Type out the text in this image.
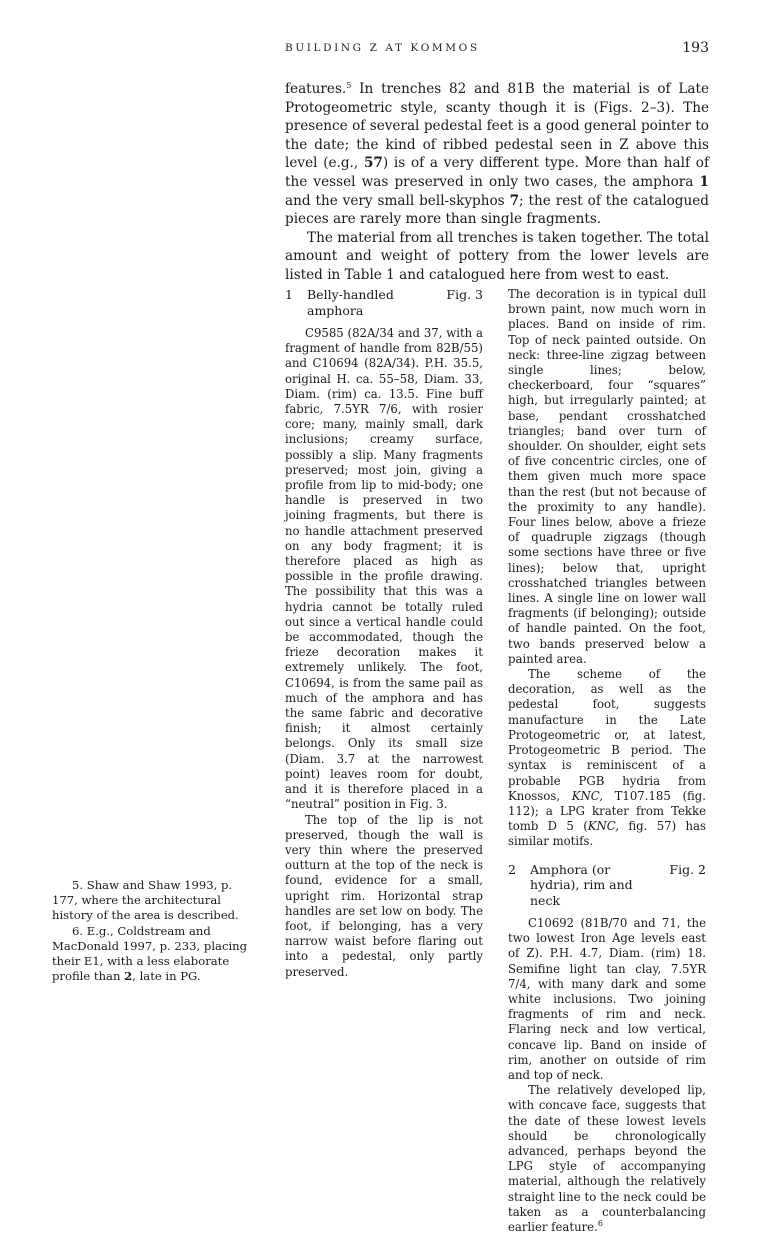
BUILDING Z AT KOMMOS	193

features.$^5$ In trenches 82 and 81B the material is of Late Protogeometric style, scanty though it is (Figs. 2–3). The presence of several pedestal feet is a good general pointer to the date; the kind of ribbed pedestal seen in Z above this level (e.g., 57) is of a very different type. More than half of the vessel was preserved in only two cases, the amphora 1 and the very small bell-skyphos 7; the rest of the catalogued pieces are rarely more than single fragments.

The material from all trenches is taken together. The total amount and weight of pottery from the lower levels are listed in Table 1 and catalogued here from west to east.

1	Belly-handled amphora
Fig. 3

C9585 (82A/34 and 37, with a fragment of handle from 82B/55) and C10694 (82A/34). P.H. 35.5, original H. ca. 55–58, Diam. 33, Diam. (rim) ca. 13.5. Fine buff fabric, 7.5YR 7/6, with rosier core; many, mainly small, dark inclusions; creamy surface, possibly a slip. Many fragments preserved; most join, giving a profile from lip to mid-body; one handle is preserved in two joining fragments, but there is no handle attachment preserved on any body fragment; it is therefore placed as high as possible in the profile drawing. The possibility that this was a hydria cannot be totally ruled out since a vertical handle could be accommodated, though the frieze decoration makes it extremely unlikely. The foot, C10694, is from the same pail as much of the amphora and has the same fabric and decorative finish; it almost certainly belongs. Only its small size (Diam. 3.7 at the narrowest point) leaves room for doubt, and it is therefore placed in a “neutral” position in Fig. 3.

The top of the lip is not preserved, though the wall is very thin where the preserved outturn at the top of the neck is found, evidence for a small, upright rim. Horizontal strap handles are set low on body. The foot, if belonging, has a very narrow waist before flaring out into a pedestal, only partly preserved.

The decoration is in typical dull brown paint, now much worn in places. Band on inside of rim. Top of neck painted outside. On neck: three-line zigzag between single lines; below, checkerboard, four “squares” high, but irregularly painted; at base, pendant crosshatched triangles; band over turn of shoulder. On shoulder, eight sets of five concentric circles, one of them given much more space than the rest (but not because of the proximity to any handle). Four lines below, above a frieze of quadruple zigzags (though some sections have three or five lines); below that, upright crosshatched triangles between lines. A single line on lower wall fragments (if belonging); outside of handle painted. On the foot, two bands preserved below a painted area.

The scheme of the decoration, as well as the pedestal foot, suggests manufacture in the Late Protogeometric or, at latest, Protogeometric B period. The syntax is reminiscent of a probable PGB hydria from Knossos, KNC, T107.185 (fig. 112); a LPG krater from Tekke tomb D 5 (KNC, fig. 57) has similar motifs.

2	Amphora (or hydria), rim and neck
Fig. 2

C10692 (81B/70 and 71, the two lowest Iron Age levels east of Z). P.H. 4.7, Diam. (rim) 18. Semifine light tan clay, 7.5YR 7/4, with many dark and some white inclusions. Two joining fragments of rim and neck. Flaring neck and low vertical, concave lip. Band on inside of rim, another on outside of rim and top of neck.

The relatively developed lip, with concave face, suggests that the date of these lowest levels should be chronologically advanced, perhaps beyond the LPG style of accompanying material, although the relatively straight line to the neck could be taken as a counterbalancing earlier feature.$^6$

5. Shaw and Shaw 1993, p. 177, where the architectural history of the area is described.

6. E.g., Coldstream and MacDonald 1997, p. 233, placing their E1, with a less elaborate profile than 2, late in PG.
